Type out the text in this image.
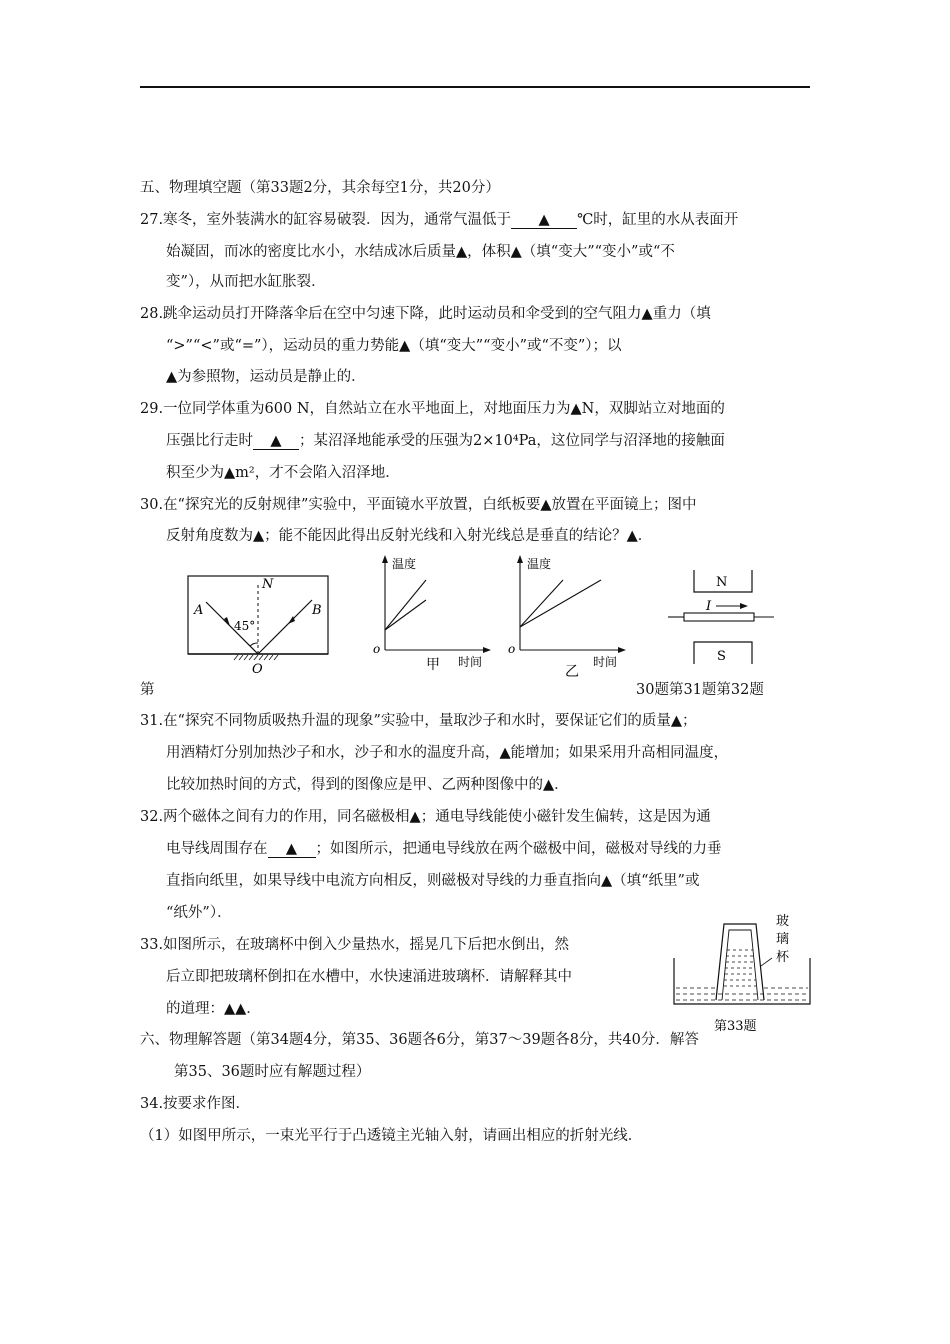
五、物理填空题（第33题2分，其余每空1分，共20分）
27.寒冬，室外装满水的缸容易破裂．因为，通常气温低于 ▲ ℃时，缸里的水从表面开
始凝固，而冰的密度比水小，水结成冰后质量▲，体积▲（填“变大”“变小”或“不
变”），从而把水缸胀裂．
28.跳伞运动员打开降落伞后在空中匀速下降，此时运动员和伞受到的空气阻力▲重力（填
“>”“<”或“=”），运动员的重力势能▲（填“变大”“变小”或“不变”）；以
▲为参照物，运动员是静止的．
29.一位同学体重为600 N，自然站立在水平地面上，对地面压力为▲N，双脚站立对地面的
压强比行走时 ▲ ；某沼泽地能承受的压强为2×10⁴Pa，这位同学与沼泽地的接触面
积至少为▲m²，才不会陷入沼泽地．
30.在“探究光的反射规律”实验中，平面镜水平放置，白纸板要▲放置在平面镜上；图中
反射角度数为▲；能不能因此得出反射光线和入射光线总是垂直的结论？▲．
A	B
N
45°
O
温度
时间
o
甲
温度
时间
o
乙
N
I
S
第	30题第31题第32题
31.在“探究不同物质吸热升温的现象”实验中，量取沙子和水时，要保证它们的质量▲；
用酒精灯分别加热沙子和水，沙子和水的温度升高，▲能增加；如果采用升高相同温度，
比较加热时间的方式，得到的图像应是甲、乙两种图像中的▲．
32.两个磁体之间有力的作用，同名磁极相▲；通电导线能使小磁针发生偏转，这是因为通
电导线周围存在 ▲ ；如图所示，把通电导线放在两个磁极中间，磁极对导线的力垂
直指向纸里，如果导线中电流方向相反，则磁极对导线的力垂直指向▲（填“纸里”或
“纸外”）．
33.如图所示，在玻璃杯中倒入少量热水，摇晃几下后把水倒出，然
后立即把玻璃杯倒扣在水槽中，水快速涌进玻璃杯．请解释其中
的道理：▲▲．
玻
璃
杯
第33题
六、物理解答题（第34题4分，第35、36题各6分，第37～39题各8分，共40分．解答
第35、36题时应有解题过程）
34.按要求作图．
（1）如图甲所示，一束光平行于凸透镜主光轴入射，请画出相应的折射光线．
